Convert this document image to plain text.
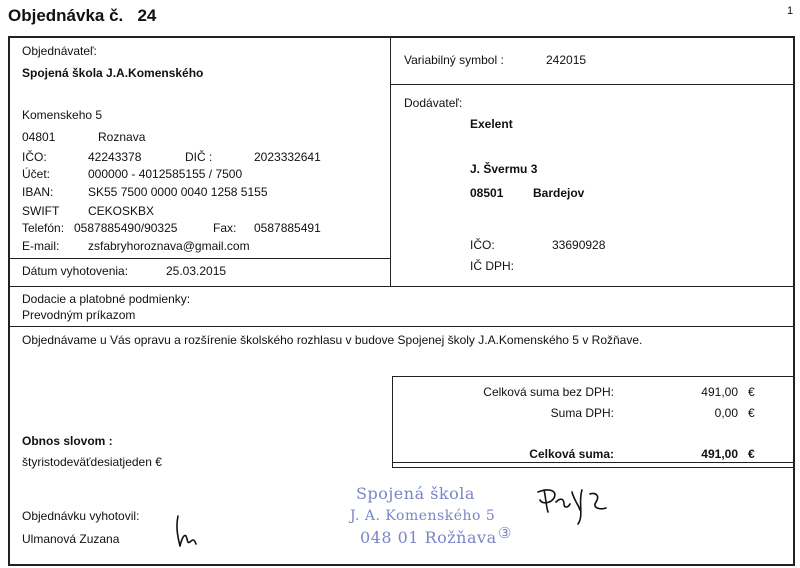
Objednávka č. 24	1
Objednávateľ:
Spojená škola J.A.Komenského
Komenskeho 5
04801	Roznava
IČO:	42243378	DIČ :	2023332641
Účet:	000000 - 4012585155 / 7500
IBAN:	SK55 7500 0000 0040 1258 5155
SWIFT CEKOSKBX
Telefón: 0587885490/90325	Fax: 0587885491
E-mail: zsfabryhoroznava@gmail.com
Dátum vyhotovenia:	25.03.2015
Variabilný symbol :	242015
Dodávateľ:
Exelent
J. Švermu 3
08501 Bardejov
IČO:	33690928
IČ DPH:
Dodacie a platobné podmienky:
Prevodným príkazom
Objednávame u Vás opravu a rozšírenie školského rozhlasu v budove Spojenej školy J.A.Komenského 5 v Rožňave.
Celková suma bez DPH:	491,00 €
Suma DPH:	0,00 €
Celková suma:	491,00 €
Obnos slovom :
štyristodeväťdesiatjeden €
Objednávku vyhotovil:
Ulmanová Zuzana
Spojená škola
J. A. Komenského 5
048 01 Rožňava ③
